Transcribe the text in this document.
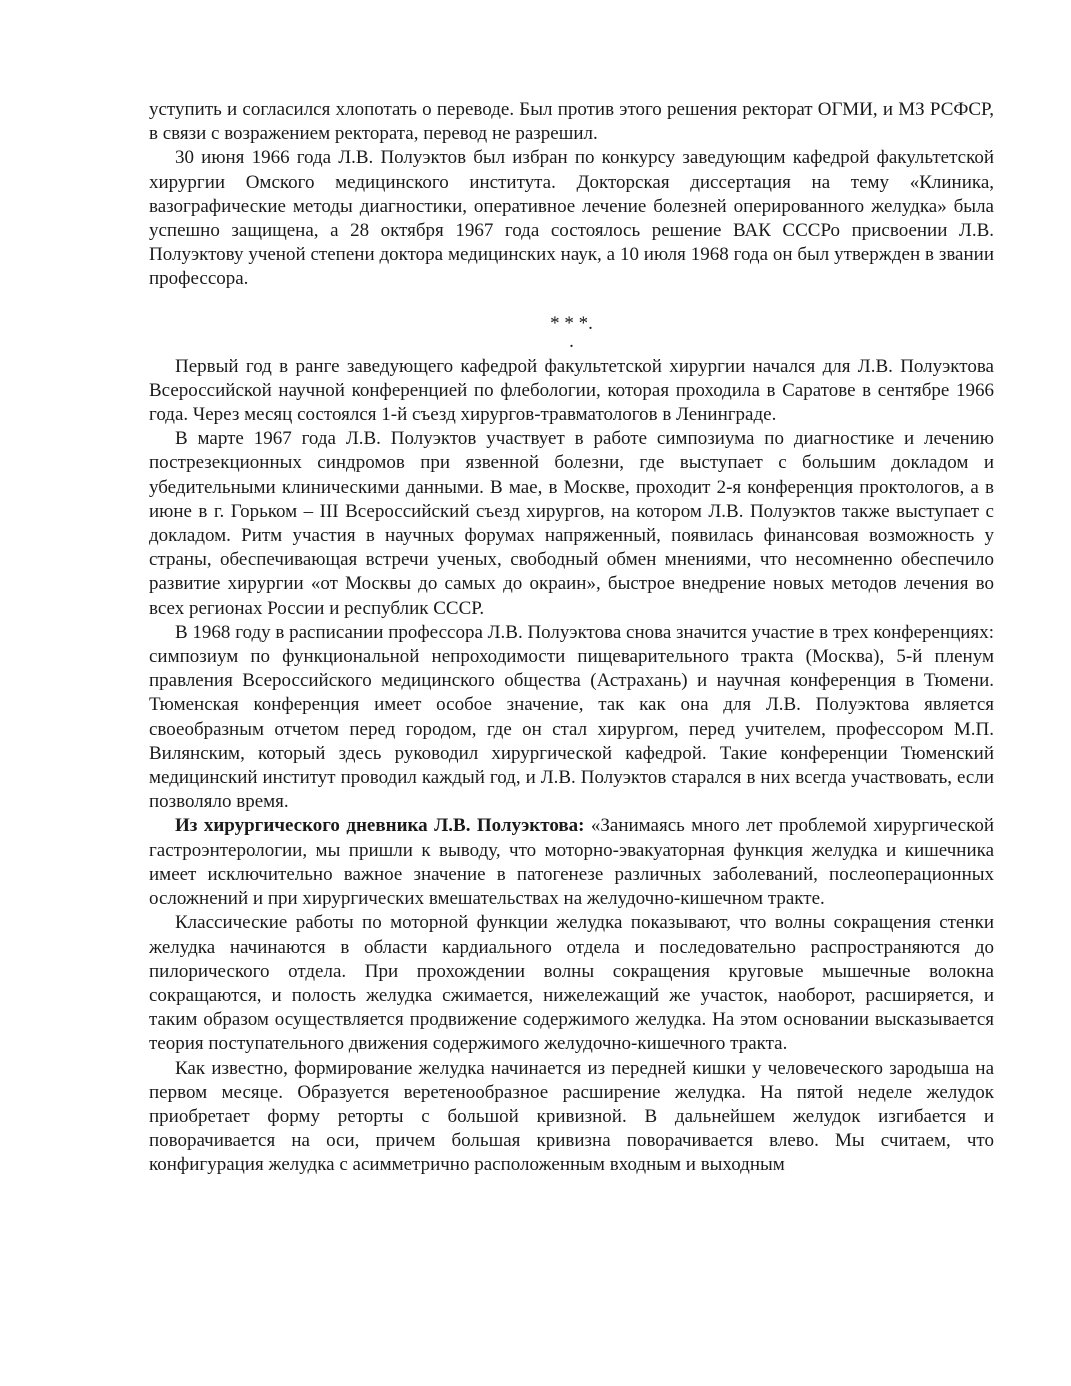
уступить и согласился хлопотать о переводе. Был против этого решения ректорат ОГМИ, и МЗ РСФСР, в связи с возражением ректората, перевод не разрешил.

30 июня 1966 года Л.В. Полуэктов был избран по конкурсу заведующим кафедрой факультетской хирургии Омского медицинского института. Докторская диссертация на тему «Клиника, вазографические методы диагностики, оперативное лечение болезней оперированного желудка» была успешно защищена, а 28 октября 1967 года состоялось решение ВАК СССРо присвоении Л.В. Полуэктову ученой степени доктора медицинских наук, а 10 июля 1968 года он был утвержден в звании профессора.

* * *.
.

Первый год в ранге заведующего кафедрой факультетской хирургии начался для Л.В. Полуэктова Всероссийской научной конференцией по флебологии, которая проходила в Саратове в сентябре 1966 года. Через месяц состоялся 1-й съезд хирургов-травматологов в Ленинграде.

В марте 1967 года Л.В. Полуэктов участвует в работе симпозиума по диагностике и лечению пострезекционных синдромов при язвенной болезни, где выступает с большим докладом и убедительными клиническими данными. В мае, в Москве, проходит 2-я конференция проктологов, а в июне в г. Горьком – III Всероссийский съезд хирургов, на котором Л.В. Полуэктов также выступает с докладом. Ритм участия в научных форумах напряженный, появилась финансовая возможность у страны, обеспечивающая встречи ученых, свободный обмен мнениями, что несомненно обеспечило развитие хирургии «от Москвы до самых до окраин», быстрое внедрение новых методов лечения во всех регионах России и республик СССР.

В 1968 году в расписании профессора Л.В. Полуэктова снова значится участие в трех конференциях: симпозиум по функциональной непроходимости пищеварительного тракта (Москва), 5-й пленум правления Всероссийского медицинского общества (Астрахань) и научная конференция в Тюмени. Тюменская конференция имеет особое значение, так как она для Л.В. Полуэктова является своеобразным отчетом перед городом, где он стал хирургом, перед учителем, профессором М.П. Вилянским, который здесь руководил хирургической кафедрой. Такие конференции Тюменский медицинский институт проводил каждый год, и Л.В. Полуэктов старался в них всегда участвовать, если позволяло время.

Из хирургического дневника Л.В. Полуэктова: «Занимаясь много лет проблемой хирургической гастроэнтерологии, мы пришли к выводу, что моторно-эвакуаторная функция желудка и кишечника имеет исключительно важное значение в патогенезе различных заболеваний, послеоперационных осложнений и при хирургических вмешательствах на желудочно-кишечном тракте.

Классические работы по моторной функции желудка показывают, что волны сокращения стенки желудка начинаются в области кардиального отдела и последовательно распространяются до пилорического отдела. При прохождении волны сокращения круговые мышечные волокна сокращаются, и полость желудка сжимается, нижележащий же участок, наоборот, расширяется, и таким образом осуществляется продвижение содержимого желудка. На этом основании высказывается теория поступательного движения содержимого желудочно-кишечного тракта.

Как известно, формирование желудка начинается из передней кишки у человеческого зародыша на первом месяце. Образуется веретенообразное расширение желудка. На пятой неделе желудок приобретает форму реторты с большой кривизной. В дальнейшем желудок изгибается и поворачивается на оси, причем большая кривизна поворачивается влево. Мы считаем, что конфигурация желудка с асимметрично расположенным входным и выходным
